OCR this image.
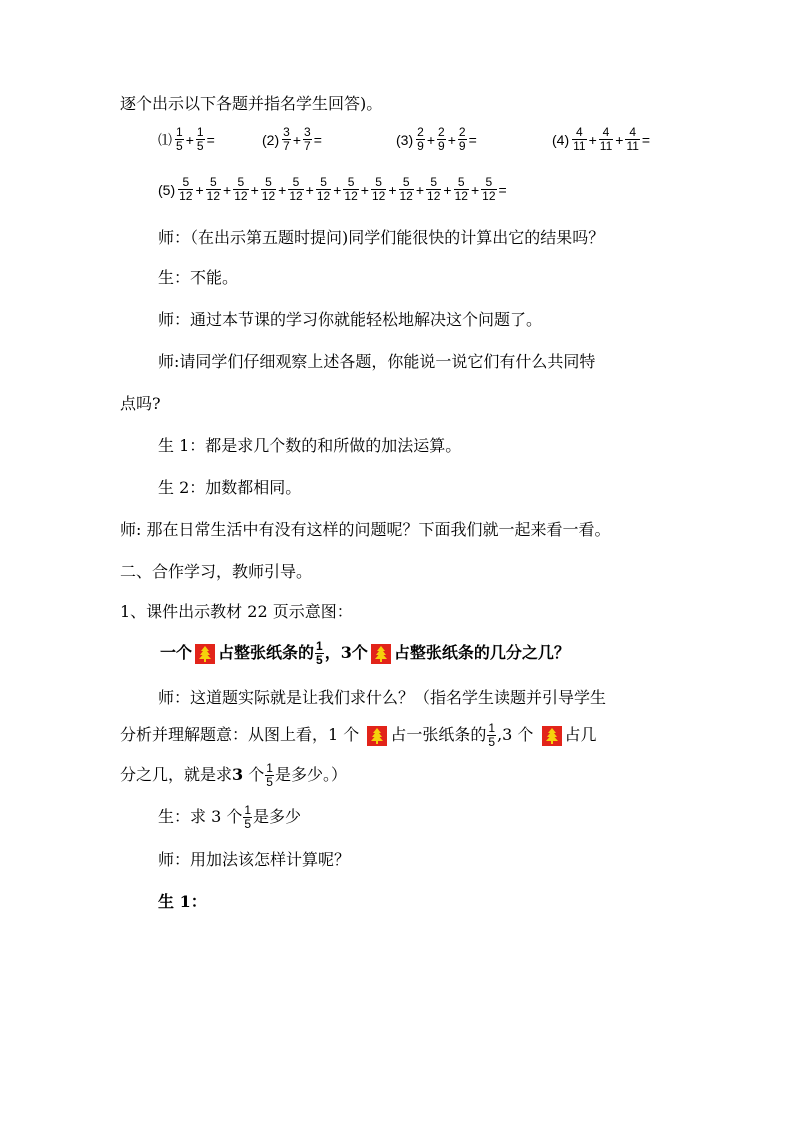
逐个出示以下各题并指名学生回答)。
⑴ $\frac{1}{5} + \frac{1}{5}$ =	$(2) \frac{3}{7} + \frac{3}{7}$ =	$(3) \frac{2}{9} + \frac{2}{9} + \frac{2}{9}$ =	$(4) \frac{4}{11} + \frac{4}{11} + \frac{4}{11}$ =
$(5) \frac{5}{12} + \frac{5}{12} + \frac{5}{12} + \frac{5}{12} + \frac{5}{12} + \frac{5}{12} + \frac{5}{12} + \frac{5}{12} + \frac{5}{12} + \frac{5}{12} + \frac{5}{12} + \frac{5}{12}$ =
师：（在出示第五题时提问)同学们能很快的计算出它的结果吗？
生：不能。
师：通过本节课的学习你就能轻松地解决这个问题了。
师:请同学们仔细观察上述各题，你能说一说它们有什么共同特
点吗?
生 1：都是求几个数的和所做的加法运算。
生 2：加数都相同。
师: 那在日常生活中有没有这样的问题呢？下面我们就一起来看一看。
二、合作学习，教师引导。
1、课件出示教材 22 页示意图：
一个 占整张纸条的 $\frac{1}{5}$ ，3个 占整张纸条的几分之几？
师：这道题实际就是让我们求什么？（指名学生读题并引导学生
分析并理解题意：从图上看，1 个 占一张纸条的 $\frac{1}{5} ,3$ 个 占几
分之几，就是求3 个 $\frac{1}{5}$ 是多少。）
生：求 3 个 $\frac{1}{5}$ 是多少
师：用加法该怎样计算呢？
生 1：
